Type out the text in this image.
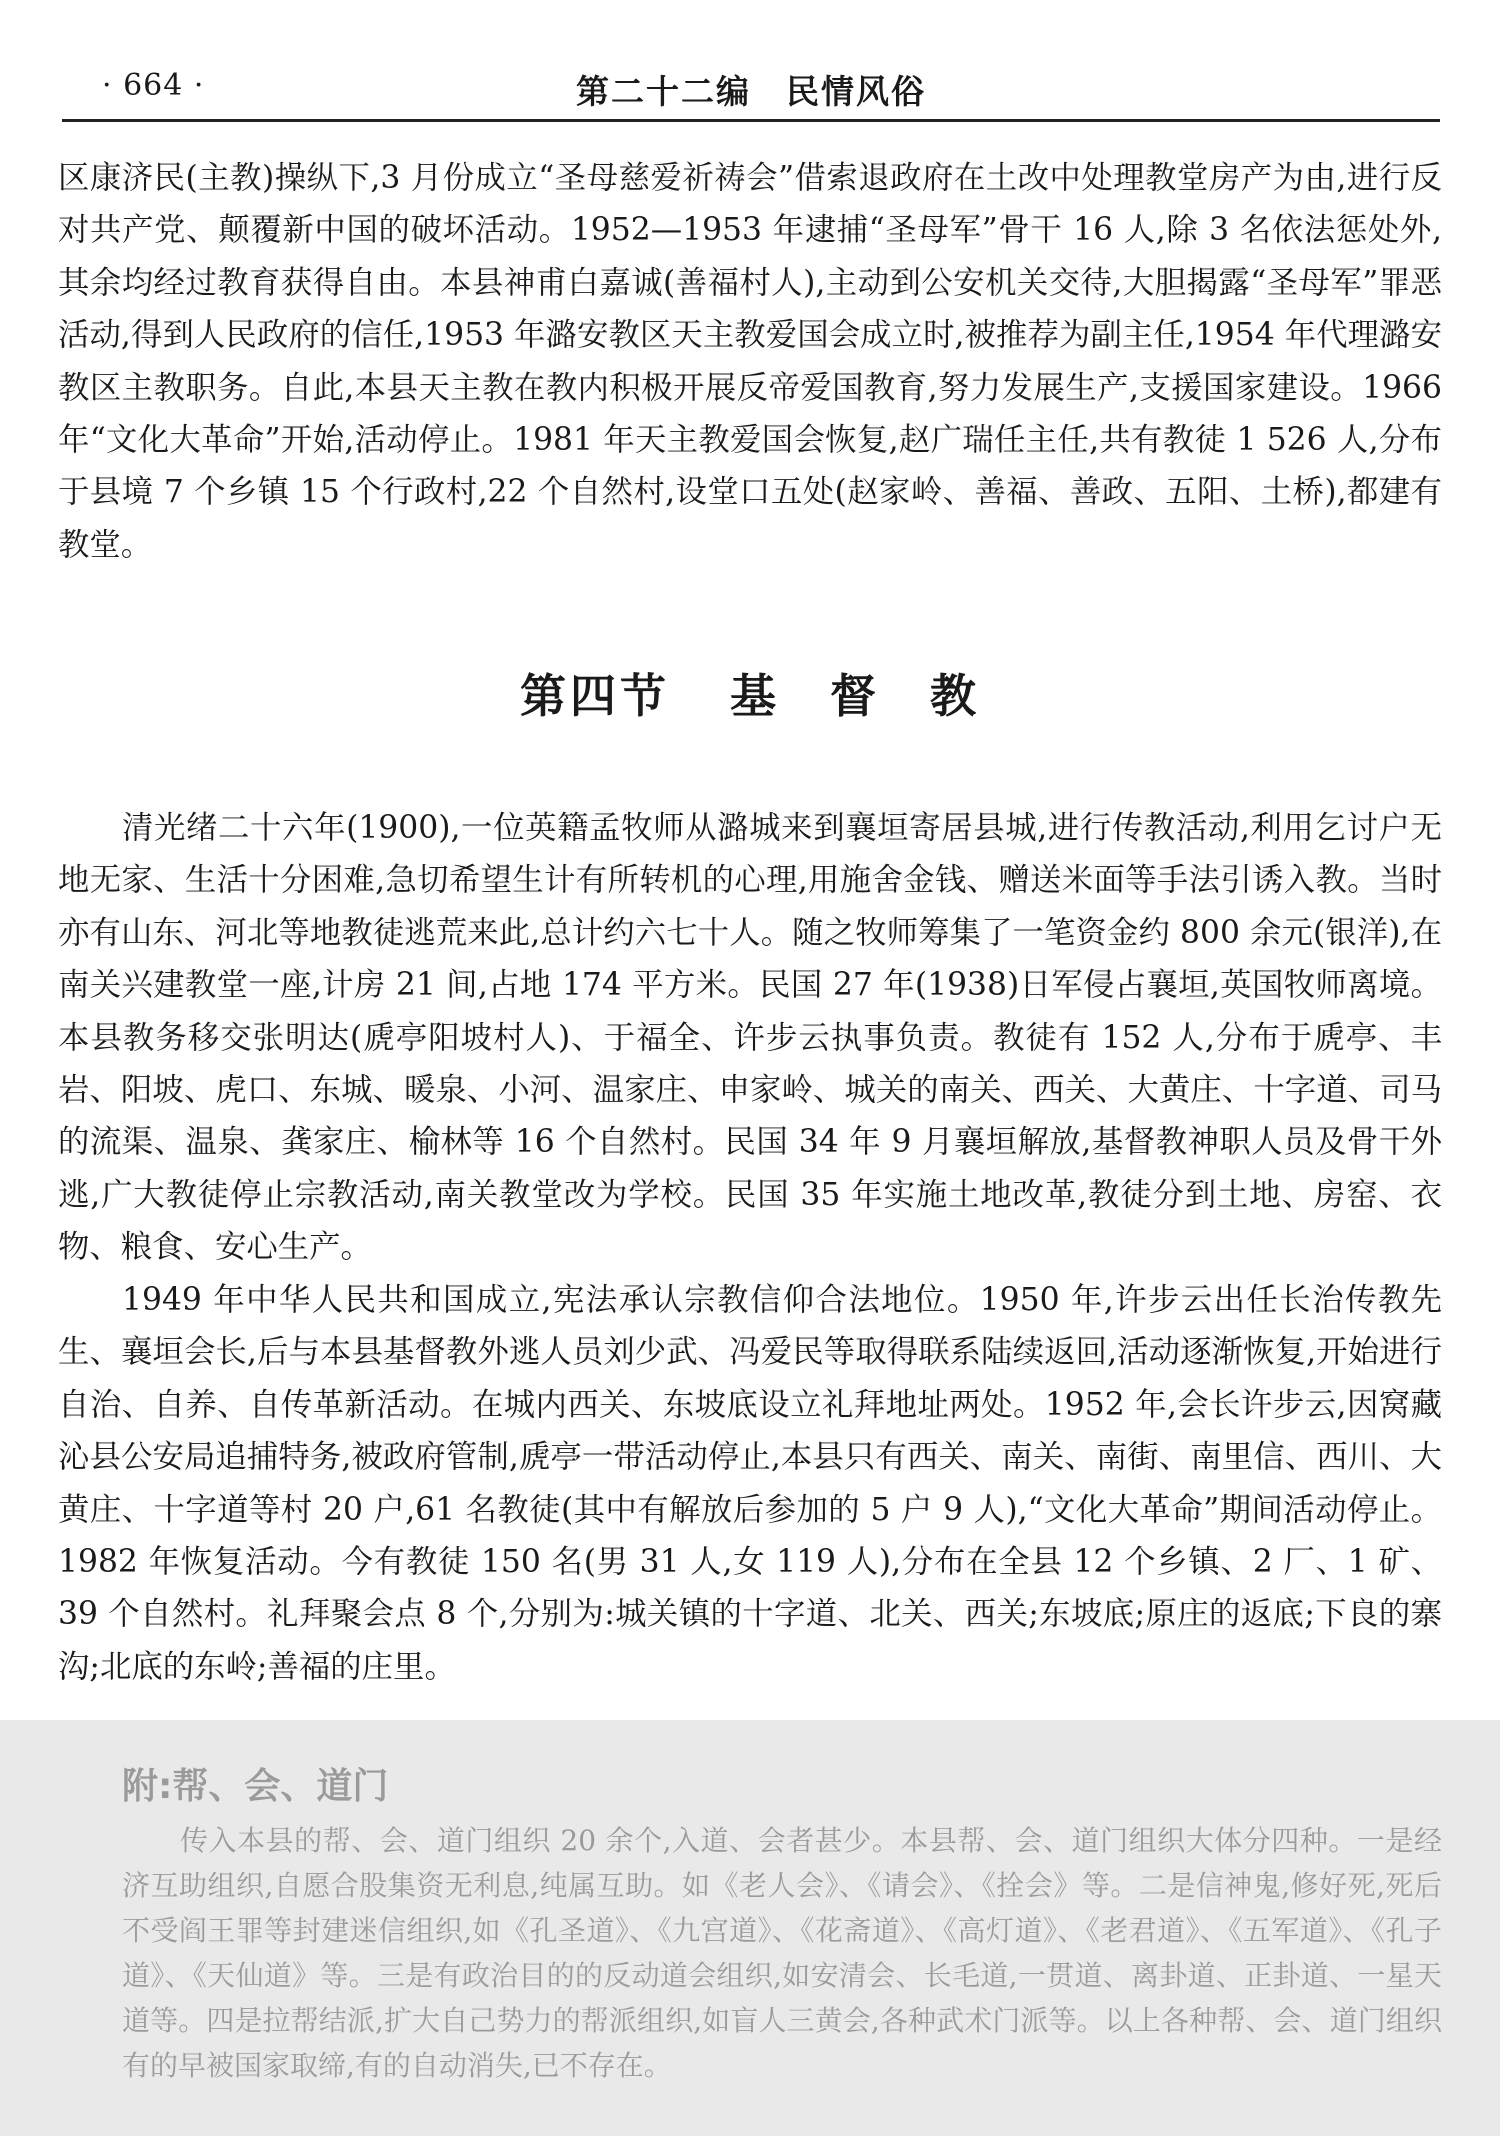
· 664 ·	第二十二编　民情风俗

区康济民(主教)操纵下,3 月份成立“圣母慈爱祈祷会”借索退政府在土改中处理教堂房产为由,进行反对共产党、颠覆新中国的破坏活动。1952—1953 年逮捕“圣母军”骨干 16 人,除 3 名依法惩处外,其余均经过教育获得自由。本县神甫白嘉诚(善福村人),主动到公安机关交待,大胆揭露“圣母军”罪恶活动,得到人民政府的信任,1953 年潞安教区天主教爱国会成立时,被推荐为副主任,1954 年代理潞安教区主教职务。自此,本县天主教在教内积极开展反帝爱国教育,努力发展生产,支援国家建设。1966 年“文化大革命”开始,活动停止。1981 年天主教爱国会恢复,赵广瑞任主任,共有教徒 1 526 人,分布于县境 7 个乡镇 15 个行政村,22 个自然村,设堂口五处(赵家岭、善福、善政、五阳、土桥),都建有教堂。

第四节 基　督　教

清光绪二十六年(1900),一位英籍孟牧师从潞城来到襄垣寄居县城,进行传教活动,利用乞讨户无地无家、生活十分困难,急切希望生计有所转机的心理,用施舍金钱、赠送米面等手法引诱入教。当时亦有山东、河北等地教徒逃荒来此,总计约六七十人。随之牧师筹集了一笔资金约 800 余元(银洋),在南关兴建教堂一座,计房 21 间,占地 174 平方米。民国 27 年(1938)日军侵占襄垣,英国牧师离境。本县教务移交张明达(虒亭阳坡村人)、于福全、许步云执事负责。教徒有 152 人,分布于虒亭、丰岩、阳坡、虎口、东城、暖泉、小河、温家庄、申家岭、城关的南关、西关、大黄庄、十字道、司马的流渠、温泉、龚家庄、榆林等 16 个自然村。民国 34 年 9 月襄垣解放,基督教神职人员及骨干外逃,广大教徒停止宗教活动,南关教堂改为学校。民国 35 年实施土地改革,教徒分到土地、房窑、衣物、粮食、安心生产。

1949 年中华人民共和国成立,宪法承认宗教信仰合法地位。1950 年,许步云出任长治传教先生、襄垣会长,后与本县基督教外逃人员刘少武、冯爱民等取得联系陆续返回,活动逐渐恢复,开始进行自治、自养、自传革新活动。在城内西关、东坡底设立礼拜地址两处。1952 年,会长许步云,因窝藏沁县公安局追捕特务,被政府管制,虒亭一带活动停止,本县只有西关、南关、南街、南里信、西川、大黄庄、十字道等村 20 户,61 名教徒(其中有解放后参加的 5 户 9 人),“文化大革命”期间活动停止。1982 年恢复活动。今有教徒 150 名(男 31 人,女 119 人),分布在全县 12 个乡镇、2 厂、1 矿、39 个自然村。礼拜聚会点 8 个,分别为:城关镇的十字道、北关、西关;东坡底;原庄的返底;下良的寨沟;北底的东岭;善福的庄里。

附:帮、会、道门

传入本县的帮、会、道门组织 20 余个,入道、会者甚少。本县帮、会、道门组织大体分四种。一是经济互助组织,自愿合股集资无利息,纯属互助。如《老人会》、《请会》、《拴会》等。二是信神鬼,修好死,死后不受阎王罪等封建迷信组织,如《孔圣道》、《九宫道》、《花斋道》、《高灯道》、《老君道》、《五军道》、《孔子道》、《天仙道》等。三是有政治目的的反动道会组织,如安清会、长毛道,一贯道、离卦道、正卦道、一星天道等。四是拉帮结派,扩大自己势力的帮派组织,如盲人三黄会,各种武术门派等。以上各种帮、会、道门组织有的早被国家取缔,有的自动消失,已不存在。
